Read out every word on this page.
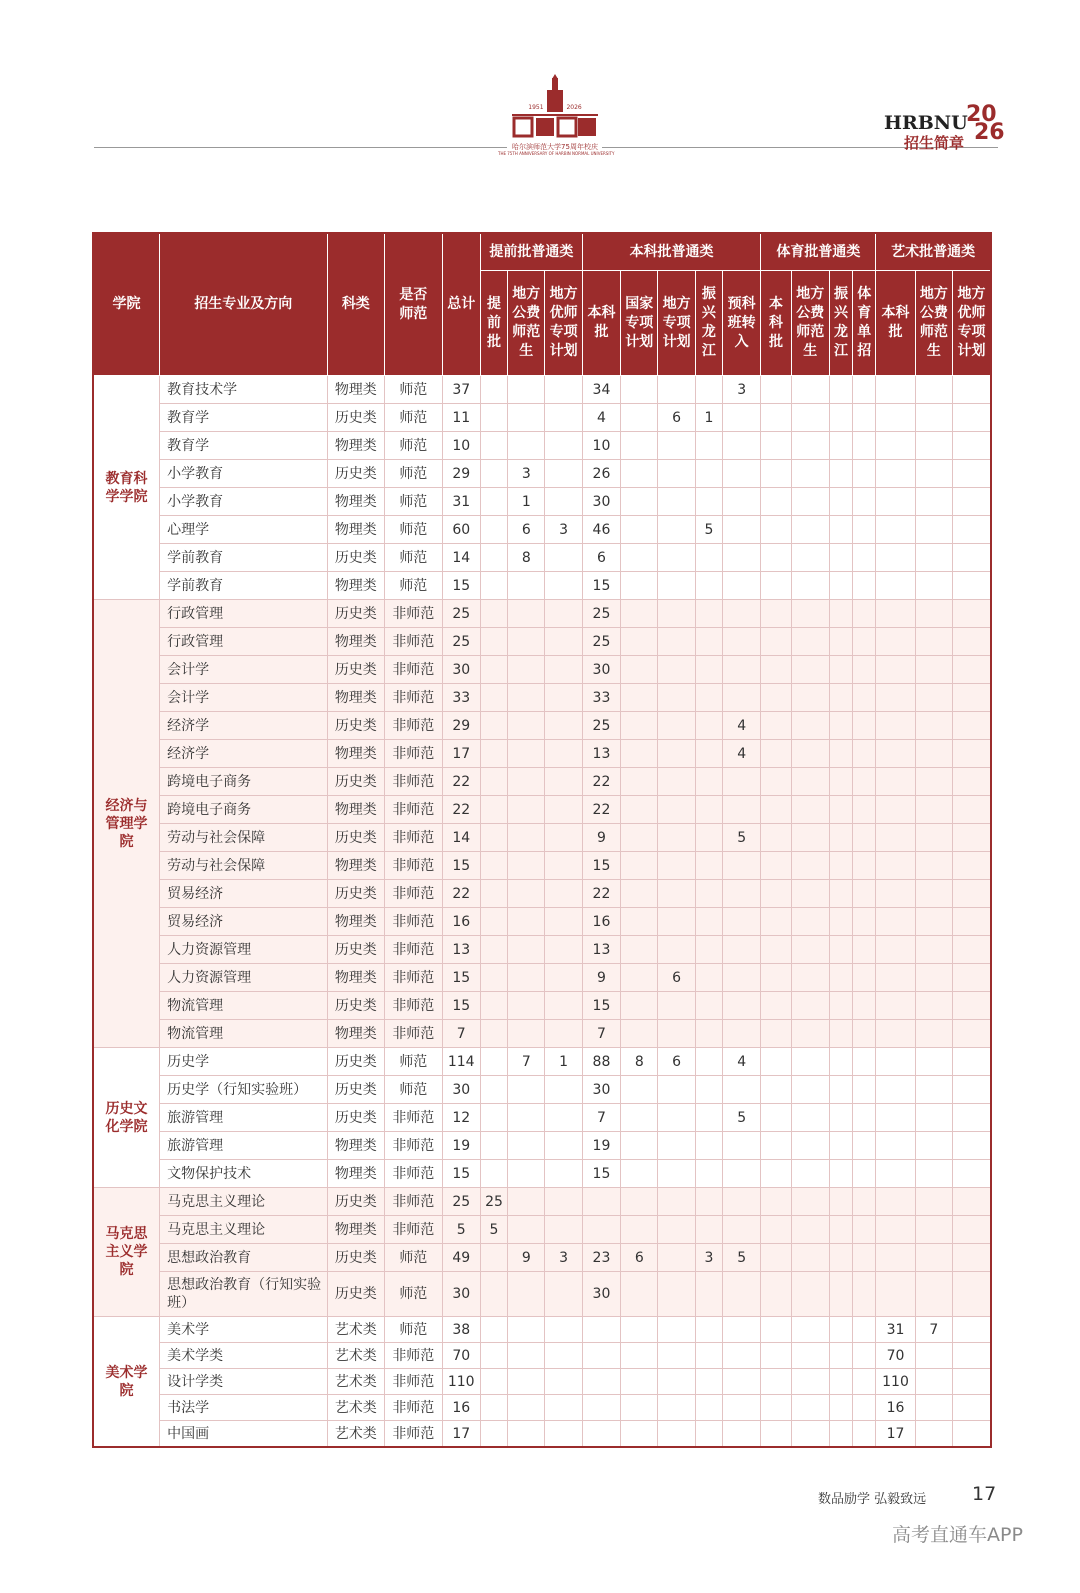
1951	2026
哈尔滨师范大学75周年校庆
THE 75TH ANNIVERSARY OF HARBIN NORMAL UNIVERSITY
HRBNU
招生简章
20
26
学院	招生专业及方向	科类	是否师范	总计	提前批普通类			本科批普通类					体育批普通类				艺术批普通类		
					提前批	地方公费师范生	地方优师专项计划	本科批	国家专项计划	地方专项计划	振兴龙江	预科班转入	本科批	地方公费师范生	振兴龙江	体育单招	本科批	地方公费师范生	地方优师专项计划
教育科学学院	教育技术学	物理类	师范	37				34				3							
	教育学	历史类	师范	11				4		6	1								
	教育学	物理类	师范	10				10											
	小学教育	历史类	师范	29		3		26											
	小学教育	物理类	师范	31		1		30											
	心理学	物理类	师范	60		6	3	46			5								
	学前教育	历史类	师范	14		8		6											
	学前教育	物理类	师范	15				15											
经济与管理学院	行政管理	历史类	非师范	25				25											
	行政管理	物理类	非师范	25				25											
	会计学	历史类	非师范	30				30											
	会计学	物理类	非师范	33				33											
	经济学	历史类	非师范	29				25				4							
	经济学	物理类	非师范	17				13				4							
	跨境电子商务	历史类	非师范	22				22											
	跨境电子商务	物理类	非师范	22				22											
	劳动与社会保障	历史类	非师范	14				9				5							
	劳动与社会保障	物理类	非师范	15				15											
	贸易经济	历史类	非师范	22				22											
	贸易经济	物理类	非师范	16				16											
	人力资源管理	历史类	非师范	13				13											
	人力资源管理	物理类	非师范	15				9		6									
	物流管理	历史类	非师范	15				15											
	物流管理	物理类	非师范	7				7											
历史文化学院	历史学	历史类	师范	114		7	1	88	8	6		4							
	历史学（行知实验班）	历史类	师范	30				30											
	旅游管理	历史类	非师范	12				7				5							
	旅游管理	物理类	非师范	19				19											
	文物保护技术	物理类	非师范	15				15											
马克思主义学院	马克思主义理论	历史类	非师范	25	25														
	马克思主义理论	物理类	非师范	5	5														
	思想政治教育	历史类	师范	49		9	3	23	6		3	5							
	思想政治教育（行知实验班）	历史类	师范	30				30											
美术学院	美术学	艺术类	师范	38													31	7	
	美术学类	艺术类	非师范	70													70		
	设计学类	艺术类	非师范	110													110		
	书法学	艺术类	非师范	16													16		
	中国画	艺术类	非师范	17													17		
数品励学 弘毅致远 17
高考直通车APP
